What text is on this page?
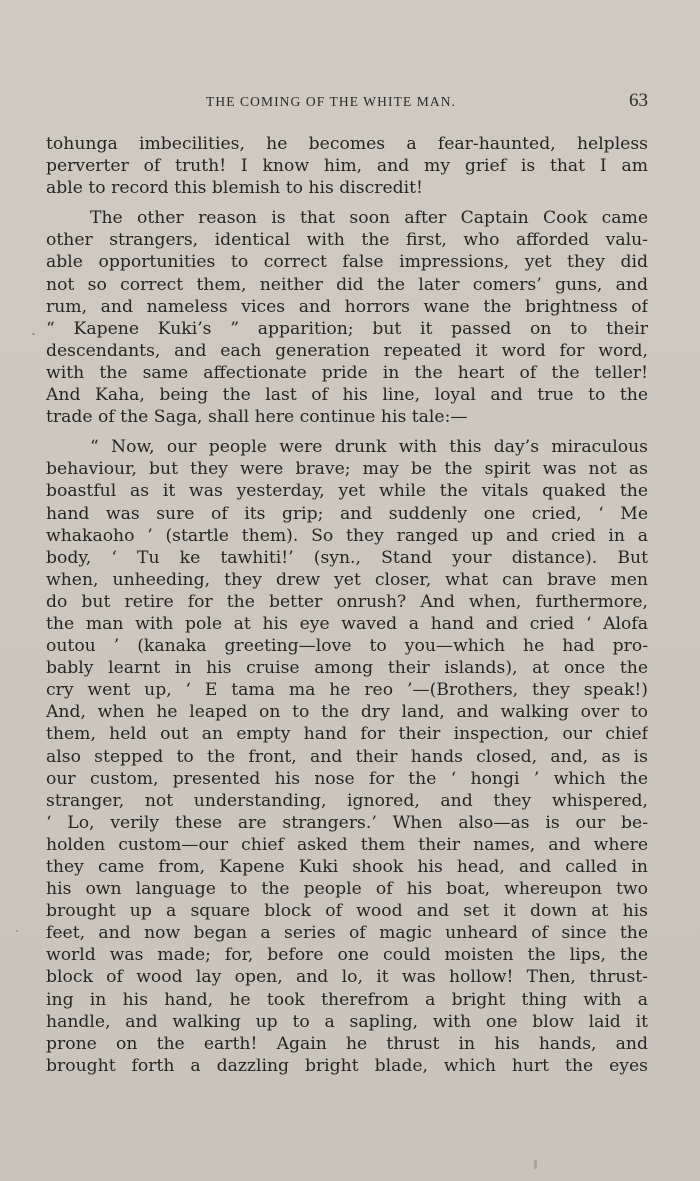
THE COMING OF THE WHITE MAN.	63
tohunga imbecilities, he becomes a fear-haunted, helpless
perverter of truth! I know him, and my grief is that I am
able to record this blemish to his discredit!
The other reason is that soon after Captain Cook came
other strangers, identical with the first, who afforded valu-
able opportunities to correct false impressions, yet they did
not so correct them, neither did the later comers’ guns, and
rum, and nameless vices and horrors wane the brightness of
“ Kapene Kuki’s ” apparition; but it passed on to their
descendants, and each generation repeated it word for word,
with the same affectionate pride in the heart of the teller!
And Kaha, being the last of his line, loyal and true to the
trade of the Saga, shall here continue his tale:—
“ Now, our people were drunk with this day’s miraculous
behaviour, but they were brave; may be the spirit was not as
boastful as it was yesterday, yet while the vitals quaked the
hand was sure of its grip; and suddenly one cried, ‘ Me
whakaoho ’ (startle them). So they ranged up and cried in a
body, ‘ Tu ke tawhiti!’ (syn., Stand your distance). But
when, unheeding, they drew yet closer, what can brave men
do but retire for the better onrush? And when, furthermore,
the man with pole at his eye waved a hand and cried ‘ Alofa
outou ’ (kanaka greeting—love to you—which he had pro-
bably learnt in his cruise among their islands), at once the
cry went up, ‘ E tama ma he reo ’—(Brothers, they speak!)
And, when he leaped on to the dry land, and walking over to
them, held out an empty hand for their inspection, our chief
also stepped to the front, and their hands closed, and, as is
our custom, presented his nose for the ‘ hongi ’ which the
stranger, not understanding, ignored, and they whispered,
‘ Lo, verily these are strangers.’ When also—as is our be-
holden custom—our chief asked them their names, and where
they came from, Kapene Kuki shook his head, and called in
his own language to the people of his boat, whereupon two
brought up a square block of wood and set it down at his
feet, and now began a series of magic unheard of since the
world was made; for, before one could moisten the lips, the
block of wood lay open, and lo, it was hollow! Then, thrust-
ing in his hand, he took therefrom a bright thing with a
handle, and walking up to a sapling, with one blow laid it
prone on the earth! Again he thrust in his hands, and
brought forth a dazzling bright blade, which hurt the eyes
